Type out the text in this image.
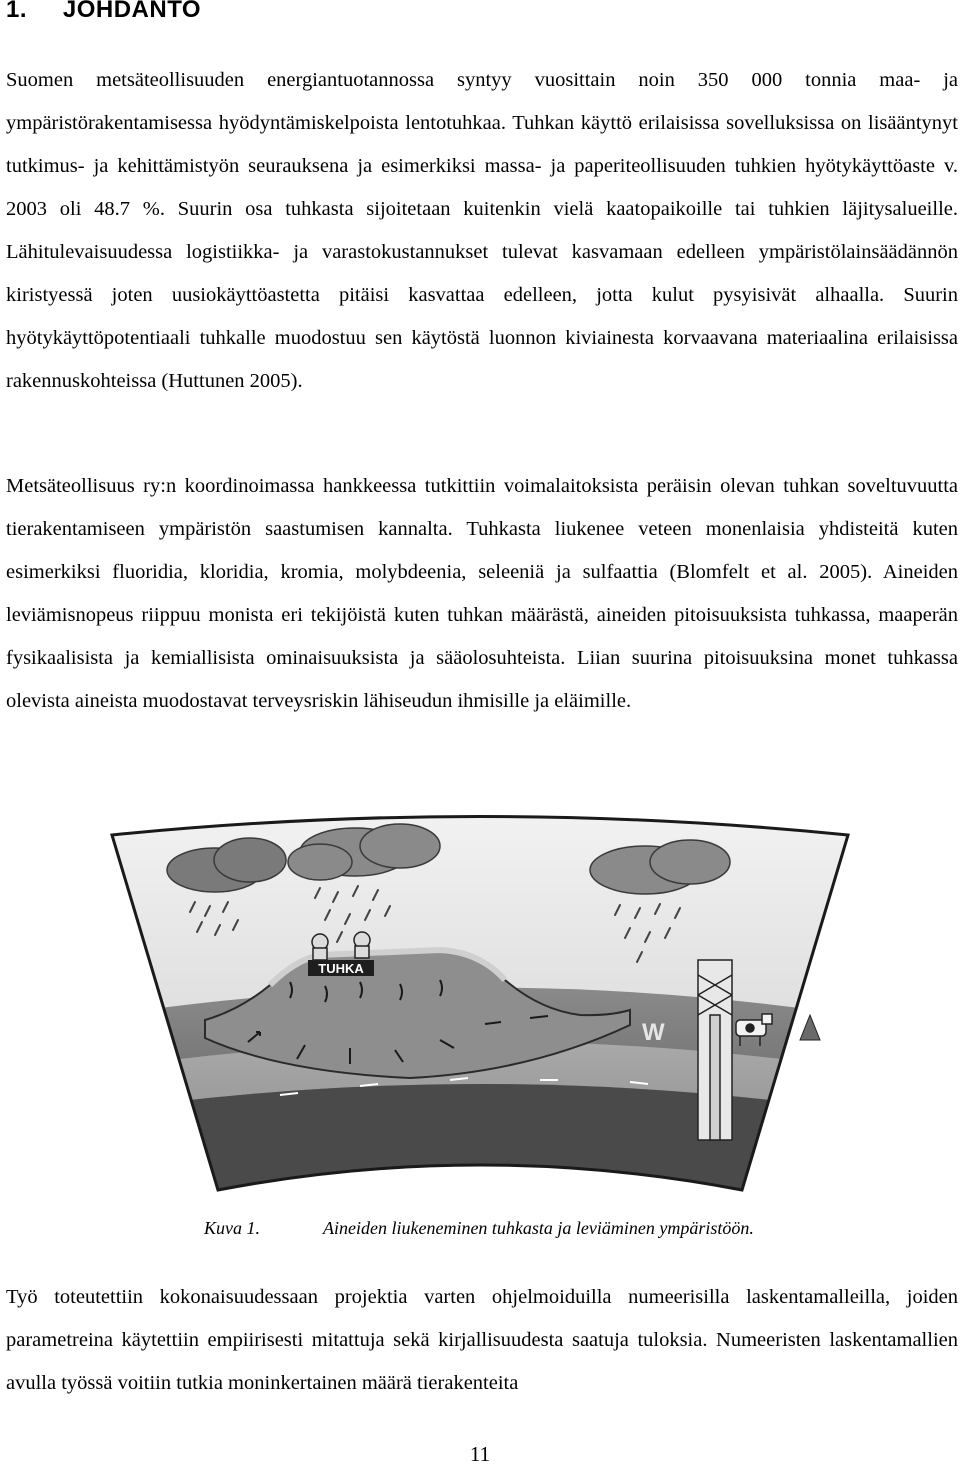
1. JOHDANTO

Suomen metsäteollisuuden energiantuotannossa syntyy vuosittain noin 350 000 tonnia maa- ja ympäristörakentamisessa hyödyntämiskelpoista lentotuhkaa. Tuhkan käyttö erilaisissa sovelluksissa on lisääntynyt tutkimus- ja kehittämistyön seurauksena ja esimerkiksi massa- ja paperiteollisuuden tuhkien hyötykäyttöaste v. 2003 oli 48.7 %. Suurin osa tuhkasta sijoitetaan kuitenkin vielä kaatopaikoille tai tuhkien läjitysalueille. Lähitulevaisuudessa logistiikka- ja varastokustannukset tulevat kasvamaan edelleen ympäristölainsäädännön kiristyessä joten uusiokäyttöastetta pitäisi kasvattaa edelleen, jotta kulut pysyisivät alhaalla. Suurin hyötykäyttöpotentiaali tuhkalle muodostuu sen käytöstä luonnon kiviainesta korvaavana materiaalina erilaisissa rakennuskohteissa (Huttunen 2005).

Metsäteollisuus ry:n koordinoimassa hankkeessa tutkittiin voimalaitoksista peräisin olevan tuhkan soveltuvuutta tierakentamiseen ympäristön saastumisen kannalta. Tuhkasta liukenee veteen monenlaisia yhdisteitä kuten esimerkiksi fluoridia, kloridia, kromia, molybdeenia, seleeniä ja sulfaattia (Blomfelt et al. 2005). Aineiden leviämisnopeus riippuu monista eri tekijöistä kuten tuhkan määrästä, aineiden pitoisuuksista tuhkassa, maaperän fysikaalisista ja kemiallisista ominaisuuksista ja sääolosuhteista. Liian suurina pitoisuuksina monet tuhkassa olevista aineista muodostavat terveysriskin lähiseudun ihmisille ja eläimille.

TUHKA
W
Kuva 1.	Aineiden liukeneminen tuhkasta ja leviäminen ympäristöön.

Työ toteutettiin kokonaisuudessaan projektia varten ohjelmoiduilla numeerisilla laskentamalleilla, joiden parametreina käytettiin empiirisesti mitattuja sekä kirjallisuudesta saatuja tuloksia. Numeeristen laskentamallien avulla työssä voitiin tutkia moninkertainen määrä tierakenteita

11
